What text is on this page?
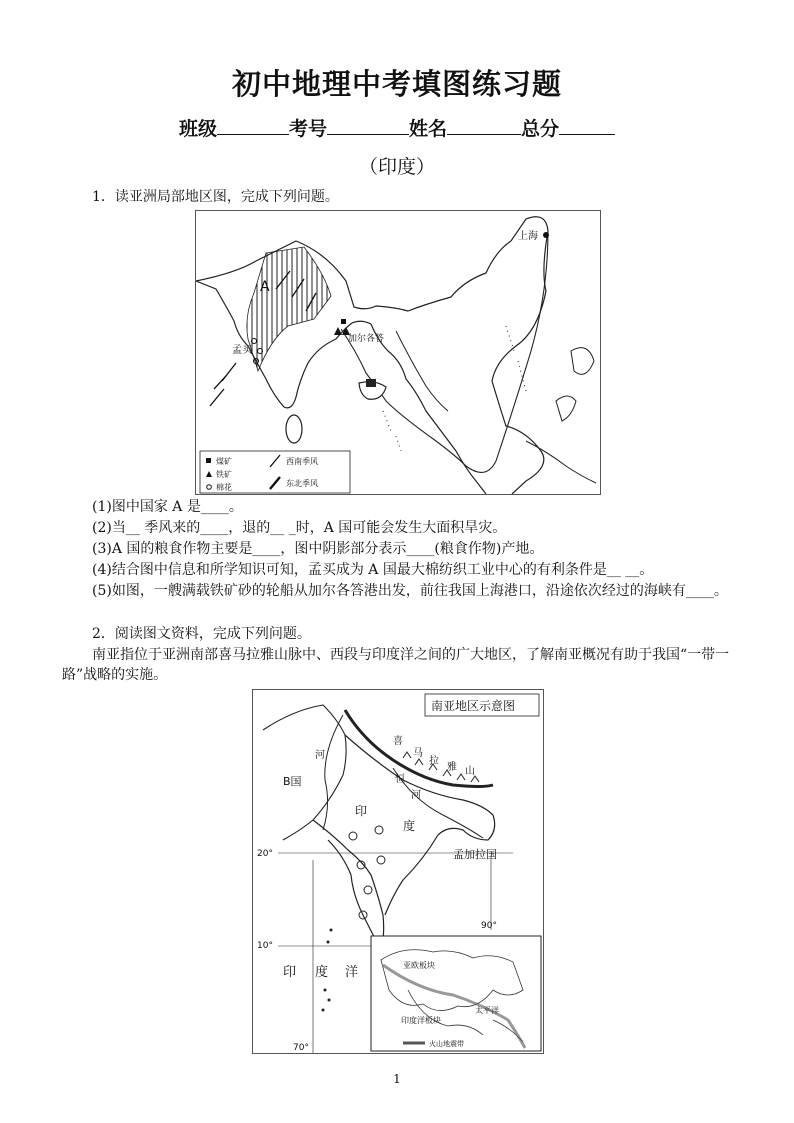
初中地理中考填图练习题
班级	考号	姓名	总分
（印度）
1．读亚洲局部地区图，完成下列问题。
上海
A
孟买
加尔各答
煤矿
铁矿
棉花
西南季风
东北季风
(1)图中国家 A 是____。
(2)当__ 季风来的____，退的__ _时，A 国可能会发生大面积旱灾。
(3)A 国的粮食作物主要是____，图中阴影部分表示____(粮食作物)产地。
(4)结合图中信息和所学知识可知，孟买成为 A 国最大棉纺织工业中心的有利条件是__ __。
(5)如图，一艘满载铁矿砂的轮船从加尔各答港出发，前往我国上海港口，沿途依次经过的海峡有____。
2．阅读图文资料，完成下列问题。
南亚指位于亚洲南部喜马拉雅山脉中、西段与印度洋之间的广大地区，了解南亚概况有助于我国“一带一路”战略的实施。
南亚地区示意图
喜
马
拉
雅 山
B国
河
恒
河
印
度
孟加拉国
20°
10°
70°
90°
印 度 洋	亚欧板块
印度洋板块
太平洋
火山地震带
1
